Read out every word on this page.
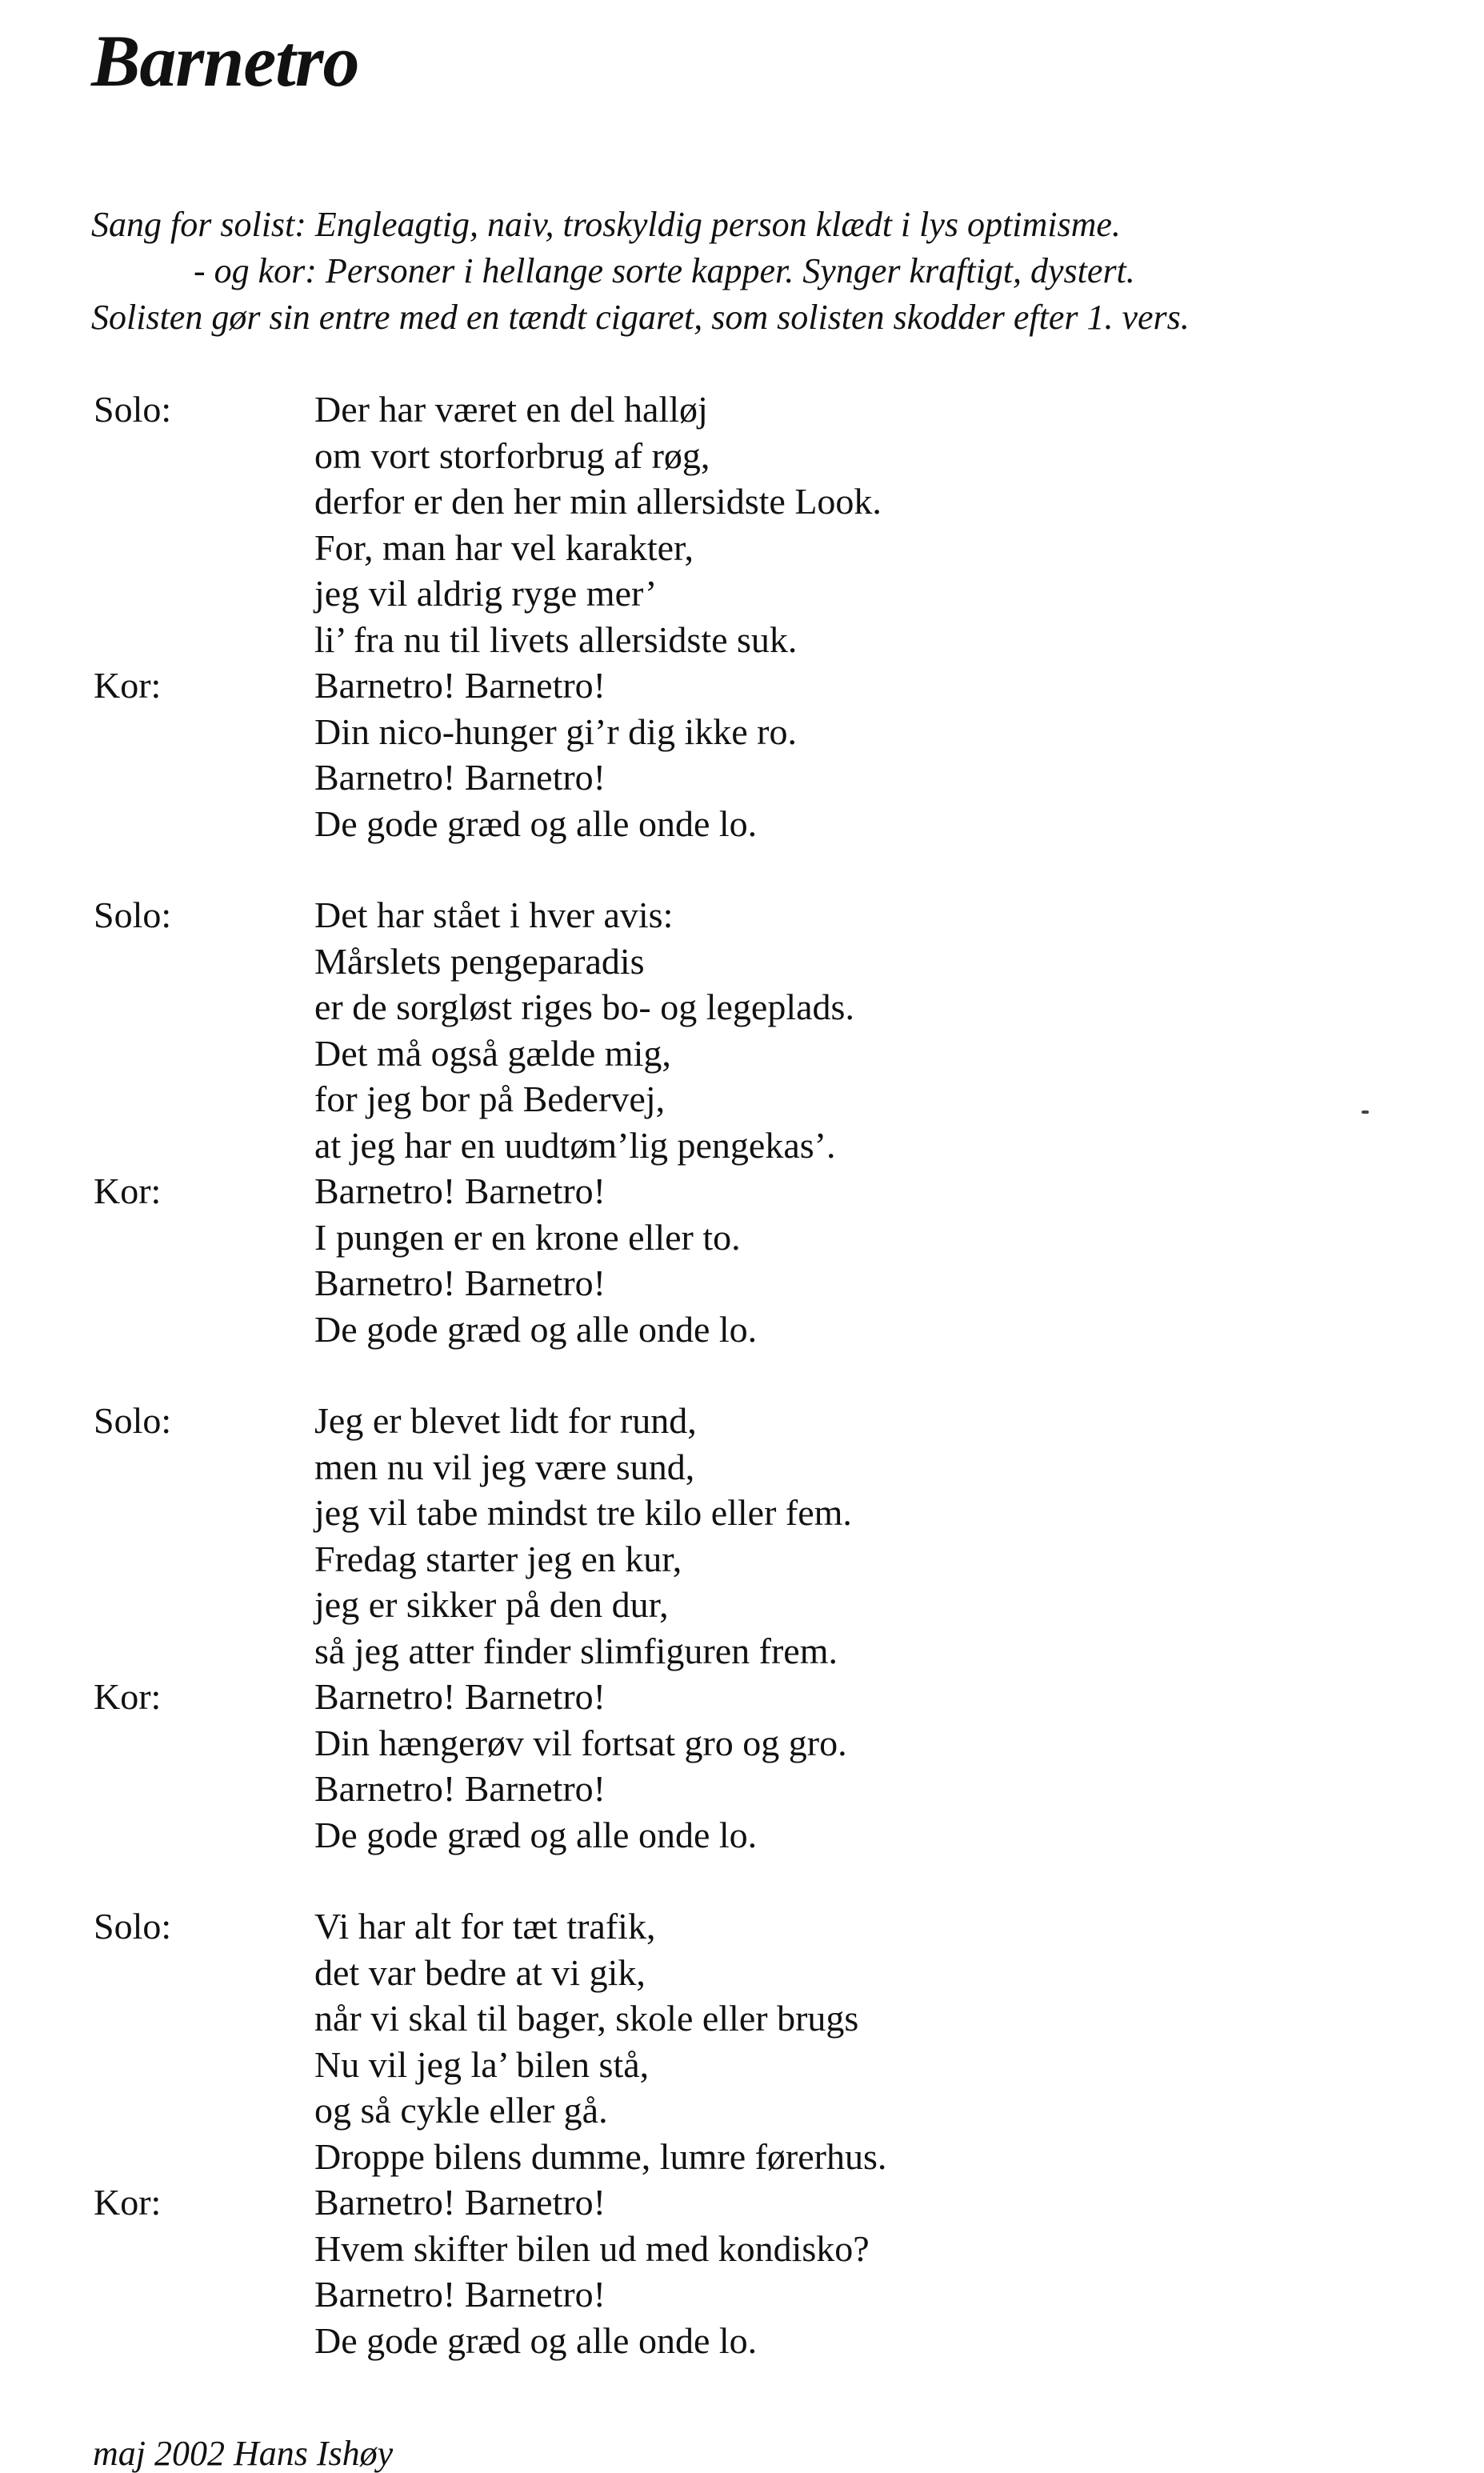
Barnetro

Sang for solist: Engleagtig, naiv, troskyldig person klædt i lys optimisme.
- og kor: Personer i hellange sorte kapper. Synger kraftigt, dystert.
Solisten gør sin entre med en tændt cigaret, som solisten skodder efter 1. vers.

Solo:	Der har været en del halløj
om vort storforbrug af røg,
derfor er den her min allersidste Look.
For, man har vel karakter,
jeg vil aldrig ryge mer’
li’ fra nu til livets allersidste suk.
Kor:	Barnetro! Barnetro!
Din nico-hunger gi’r dig ikke ro.
Barnetro! Barnetro!
De gode græd og alle onde lo.
Solo:	Det har stået i hver avis:
Mårslets pengeparadis
er de sorgløst riges bo- og legeplads.
Det må også gælde mig,
for jeg bor på Bedervej,
at jeg har en uudtøm’lig pengekas’.
Kor:	Barnetro! Barnetro!
I pungen er en krone eller to.
Barnetro! Barnetro!
De gode græd og alle onde lo.
Solo:	Jeg er blevet lidt for rund,
men nu vil jeg være sund,
jeg vil tabe mindst tre kilo eller fem.
Fredag starter jeg en kur,
jeg er sikker på den dur,
så jeg atter finder slimfiguren frem.
Kor:	Barnetro! Barnetro!
Din hængerøv vil fortsat gro og gro.
Barnetro! Barnetro!
De gode græd og alle onde lo.
Solo:	Vi har alt for tæt trafik,
det var bedre at vi gik,
når vi skal til bager, skole eller brugs
Nu vil jeg la’ bilen stå,
og så cykle eller gå.
Droppe bilens dumme, lumre førerhus.
Kor:	Barnetro! Barnetro!
Hvem skifter bilen ud med kondisko?
Barnetro! Barnetro!
De gode græd og alle onde lo.

maj 2002 Hans Ishøy
